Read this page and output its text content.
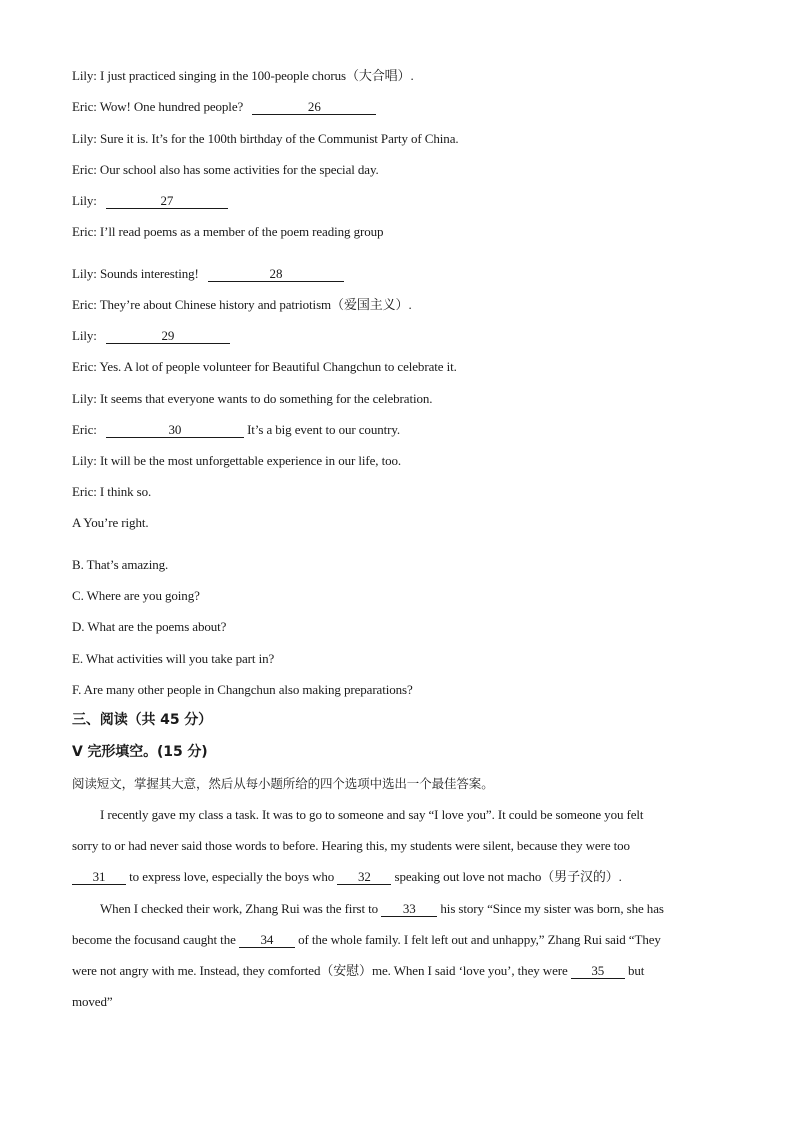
Lily: I just practiced singing in the 100-people chorus（大合唱）.
Eric: Wow! One hundred people?	26
Lily: Sure it is. It’s for the 100th birthday of the Communist Party of China.
Eric: Our school also has some activities for the special day.
Lily:	27
Eric: I’ll read poems as a member of the poem reading group
Lily: Sounds interesting!	28
Eric: They’re about Chinese history and patriotism（爱国主义）.
Lily:	29
Eric: Yes. A lot of people volunteer for Beautiful Changchun to celebrate it.
Lily: It seems that everyone wants to do something for the celebration.
Eric:	30	It’s a big event to our country.
Lily: It will be the most unforgettable experience in our life, too.
Eric: I think so.
A You’re right.
B. That’s amazing.
C. Where are you going?
D. What are the poems about?
E. What activities will you take part in?
F. Are many other people in Changchun also making preparations?
三、阅读（共 45 分）
V 完形填空。(15 分)
阅读短文，掌握其大意，然后从每小题所给的四个选项中选出一个最佳答案。
I recently gave my class a task. It was to go to someone and say “I love you”. It could be someone you felt
sorry to or had never said those words to before. Hearing this, my students were silent, because they were too
31 to express love, especially the boys who 32 speaking out love not macho（男子汉的）.
When I checked their work, Zhang Rui was the first to 33 his story “Since my sister was born, she has
become the focusand caught the 34 of the whole family. I felt left out and unhappy,” Zhang Rui said “They
were not angry with me. Instead, they comforted（安慰）me. When I said ‘love you’, they were 35 but
moved”
